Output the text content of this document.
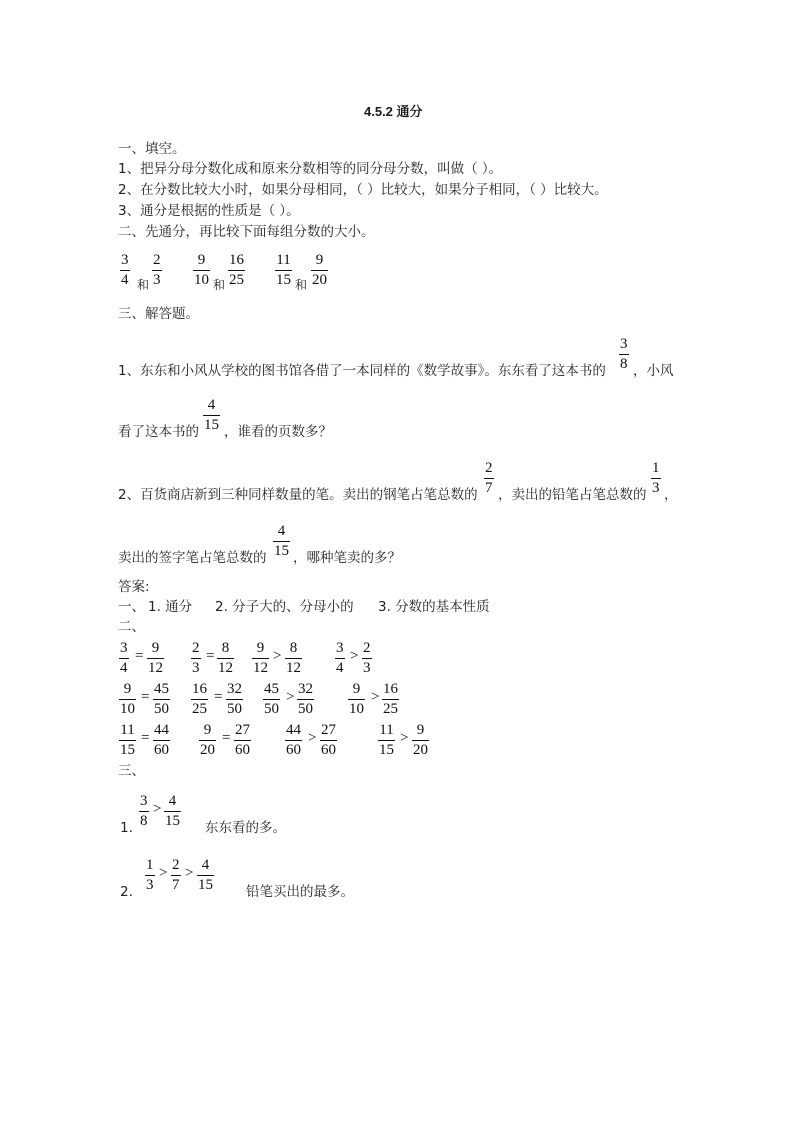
4.5.2 通分
一、填空。
1、把异分母分数化成和原来分数相等的同分母分数，叫做（ ）。
2、在分数比较大小时，如果分母相同，（ ）比较大，如果分子相同，（ ）比较大。
3、通分是根据的性质是（ ）。
二、先通分，再比较下面每组分数的大小。
$\frac{3}{4}$ 和 $\frac{2}{3} \frac{9}{10}$ 和 $\frac{16}{25} \frac{11}{15}$ 和 $\frac{9}{20}$
三、解答题。
1、东东和小风从学校的图书馆各借了一本同样的《数学故事》。东东看了这本书的 $\frac{3}{8}$ ，小风
看了这本书的 $\frac{4}{15}$ ，谁看的页数多？
2、百货商店新到三种同样数量的笔。卖出的钢笔占笔总数的 $\frac{2}{7}$ ，卖出的铅笔占笔总数的 $\frac{1}{3}$ ，
卖出的签字笔占笔总数的 $\frac{4}{15}$ ，哪种笔卖的多？
答案:
一、 1. 通分 2. 分子大的、分母小的 3. 分数的基本性质
二、
$\frac{3}{4} = \frac{9}{12} \frac{2}{3} = \frac{8}{12} \frac{9}{12} > \frac{8}{12} \frac{3}{4} > \frac{2}{3}$
$\frac{9}{10} = \frac{45}{50} \frac{16}{25} = \frac{32}{50} \frac{45}{50} > \frac{32}{50} \frac{9}{10} > \frac{16}{25}$
$\frac{11}{15} = \frac{44}{60} \frac{9}{20} = \frac{27}{60} \frac{44}{60} > \frac{27}{60}$	$\frac{11}{15} > \frac{9}{20}$
三、
1. $\frac{3}{8} > \frac{4}{15}$ 东东看的多。
2. $\frac{1}{3} > \frac{2}{7} > \frac{4}{15}$ 铅笔买出的最多。
